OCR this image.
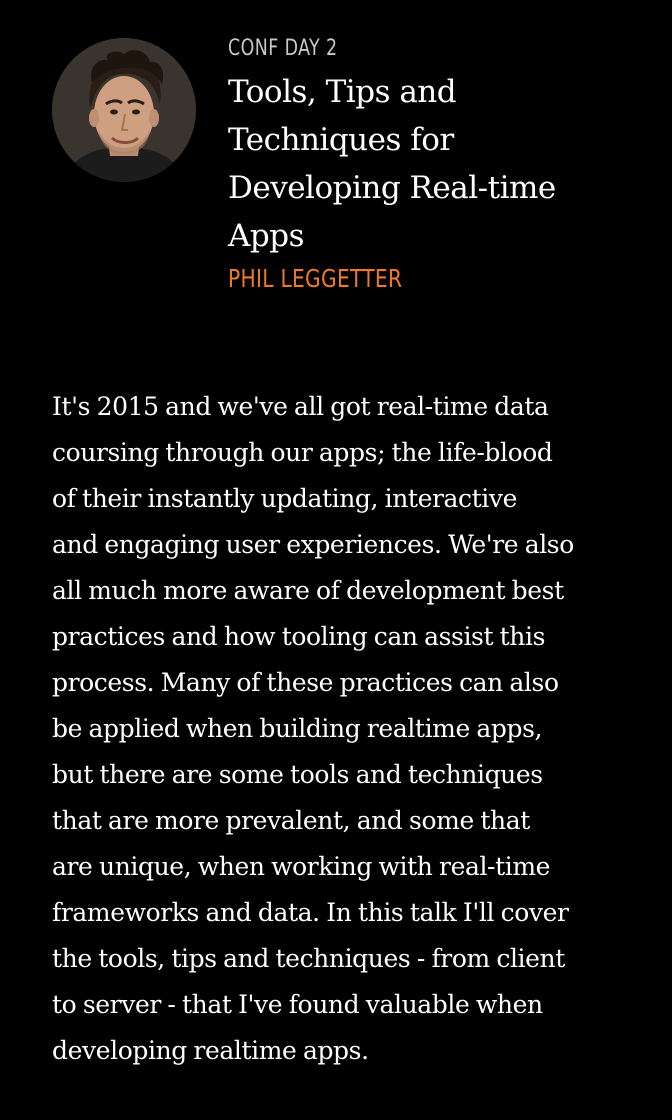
CONF DAY 2

Tools, Tips and
Techniques for
Developing Real-time
Apps

PHIL LEGGETTER

It's 2015 and we've all got real-time data
coursing through our apps; the life-blood
of their instantly updating, interactive
and engaging user experiences. We're also
all much more aware of development best
practices and how tooling can assist this
process. Many of these practices can also
be applied when building realtime apps,
but there are some tools and techniques
that are more prevalent, and some that
are unique, when working with real-time
frameworks and data. In this talk I'll cover
the tools, tips and techniques - from client
to server - that I've found valuable when
developing realtime apps.
